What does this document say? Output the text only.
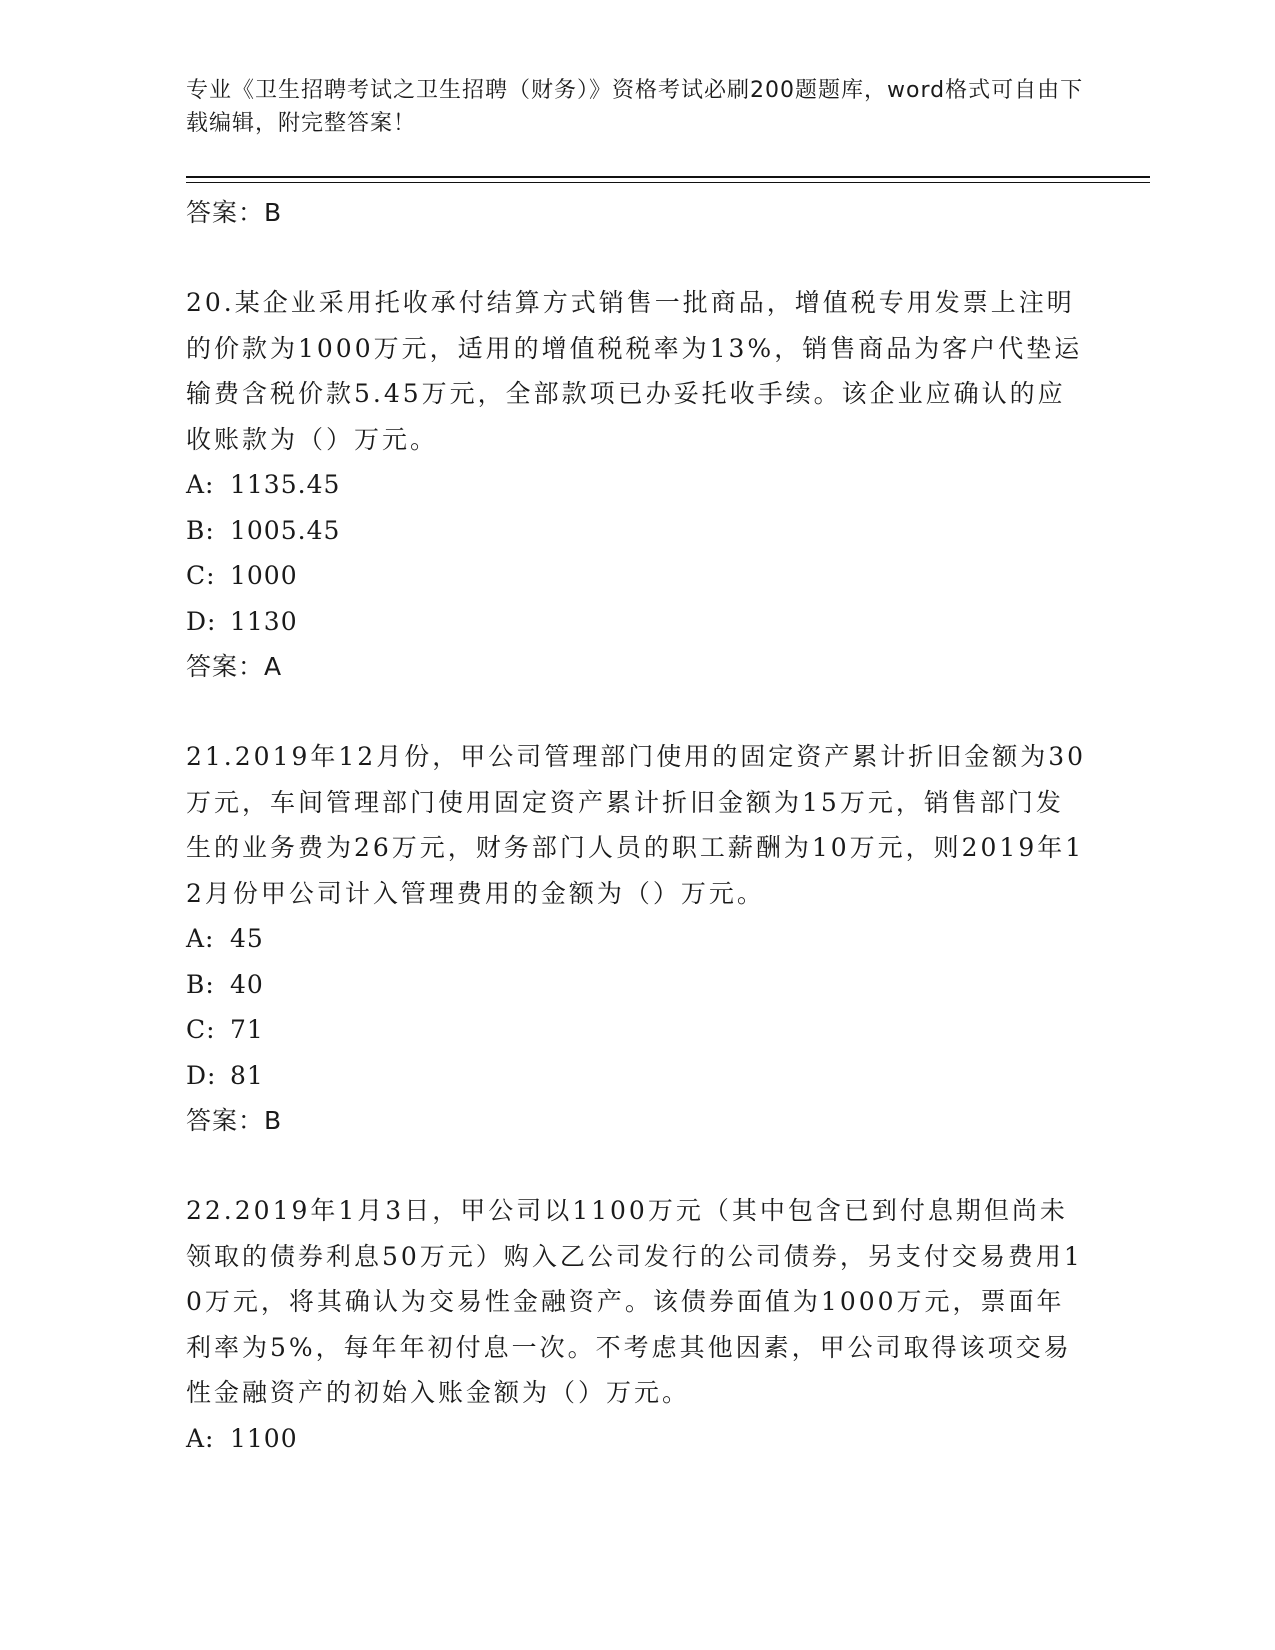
专业《卫生招聘考试之卫生招聘（财务）》资格考试必刷200题题库，word格式可自由下载编辑，附完整答案！
答案：B

20.某企业采用托收承付结算方式销售一批商品，增值税专用发票上注明的价款为1000万元，适用的增值税税率为13%，销售商品为客户代垫运输费含税价款5.45万元，全部款项已办妥托收手续。该企业应确认的应收账款为（）万元。

A: 1135.45
B: 1005.45
C: 1000
D: 1130
答案：A

21.2019年12月份，甲公司管理部门使用的固定资产累计折旧金额为30万元，车间管理部门使用固定资产累计折旧金额为15万元，销售部门发生的业务费为26万元，财务部门人员的职工薪酬为10万元，则2019年12月份甲公司计入管理费用的金额为（）万元。

A: 45
B: 40
C: 71
D: 81
答案：B

22.2019年1月3日，甲公司以1100万元（其中包含已到付息期但尚未领取的债券利息50万元）购入乙公司发行的公司债券，另支付交易费用10万元，将其确认为交易性金融资产。该债券面值为1000万元，票面年利率为5%，每年年初付息一次。不考虑其他因素，甲公司取得该项交易性金融资产的初始入账金额为（）万元。

A: 1100
